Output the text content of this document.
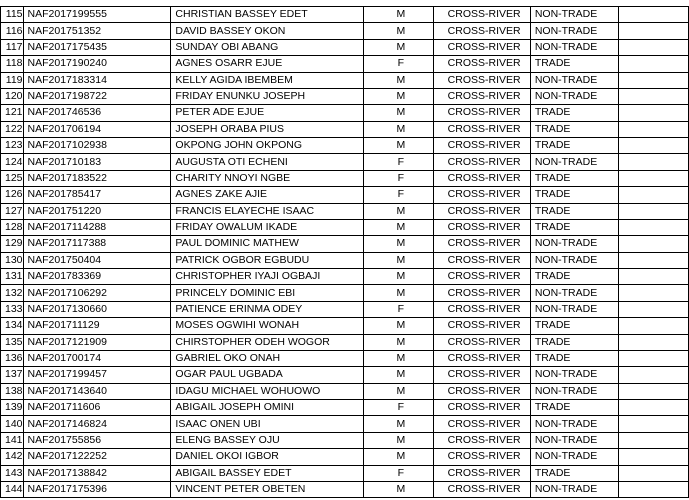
115	NAF2017199555	CHRISTIAN BASSEY EDET	M	CROSS-RIVER	NON-TRADE	
116	NAF201751352	DAVID BASSEY OKON	M	CROSS-RIVER	NON-TRADE	
117	NAF2017175435	SUNDAY OBI ABANG	M	CROSS-RIVER	NON-TRADE	
118	NAF2017190240	AGNES OSARR EJUE	F	CROSS-RIVER	TRADE	
119	NAF2017183314	KELLY AGIDA IBEMBEM	M	CROSS-RIVER	NON-TRADE	
120	NAF2017198722	FRIDAY ENUNKU JOSEPH	M	CROSS-RIVER	NON-TRADE	
121	NAF201746536	PETER ADE EJUE	M	CROSS-RIVER	TRADE	
122	NAF201706194	JOSEPH ORABA PIUS	M	CROSS-RIVER	TRADE	
123	NAF2017102938	OKPONG JOHN OKPONG	M	CROSS-RIVER	TRADE	
124	NAF201710183	AUGUSTA OTI ECHENI	F	CROSS-RIVER	NON-TRADE	
125	NAF2017183522	CHARITY NNOYI NGBE	F	CROSS-RIVER	TRADE	
126	NAF201785417	AGNES ZAKE AJIE	F	CROSS-RIVER	TRADE	
127	NAF201751220	FRANCIS ELAYECHE ISAAC	M	CROSS-RIVER	TRADE	
128	NAF2017114288	FRIDAY OWALUM IKADE	M	CROSS-RIVER	TRADE	
129	NAF2017117388	PAUL DOMINIC MATHEW	M	CROSS-RIVER	NON-TRADE	
130	NAF201750404	PATRICK OGBOR EGBUDU	M	CROSS-RIVER	NON-TRADE	
131	NAF201783369	CHRISTOPHER IYAJI OGBAJI	M	CROSS-RIVER	TRADE	
132	NAF2017106292	PRINCELY DOMINIC EBI	M	CROSS-RIVER	NON-TRADE	
133	NAF2017130660	PATIENCE ERINMA ODEY	F	CROSS-RIVER	NON-TRADE	
134	NAF201711129	MOSES OGWIHI WONAH	M	CROSS-RIVER	TRADE	
135	NAF2017121909	CHIRSTOPHER ODEH WOGOR	M	CROSS-RIVER	TRADE	
136	NAF201700174	GABRIEL OKO ONAH	M	CROSS-RIVER	TRADE	
137	NAF2017199457	OGAR PAUL UGBADA	M	CROSS-RIVER	NON-TRADE	
138	NAF2017143640	IDAGU MICHAEL WOHUOWO	M	CROSS-RIVER	NON-TRADE	
139	NAF201711606	ABIGAIL JOSEPH OMINI	F	CROSS-RIVER	TRADE	
140	NAF2017146824	ISAAC ONEN UBI	M	CROSS-RIVER	NON-TRADE	
141	NAF201755856	ELENG BASSEY OJU	M	CROSS-RIVER	NON-TRADE	
142	NAF2017122252	DANIEL OKOI IGBOR	M	CROSS-RIVER	NON-TRADE	
143	NAF2017138842	ABIGAIL BASSEY EDET	F	CROSS-RIVER	TRADE	
144	NAF2017175396	VINCENT PETER OBETEN	M	CROSS-RIVER	NON-TRADE	
